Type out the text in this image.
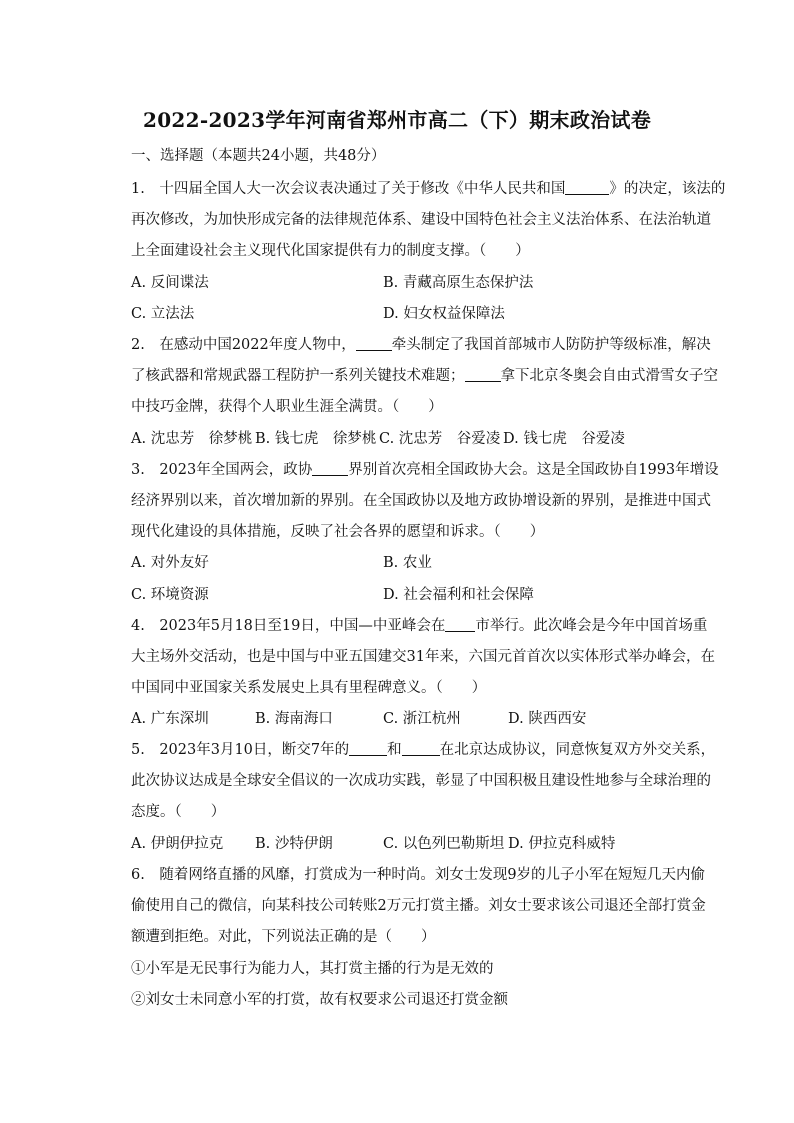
2022-2023学年河南省郑州市高二（下）期末政治试卷
一、选择题（本题共24小题，共48分）
1.　十四届全国人大一次会议表决通过了关于修改《中华人民共和国	》的决定，该法的
再次修改，为加快形成完备的法律规范体系、建设中国特色社会主义法治体系、在法治轨道
上全面建设社会主义现代化国家提供有力的制度支撑。（　　）
A. 反间谍法	B. 青藏高原生态保护法
C. 立法法	D. 妇女权益保障法
2.　在感动中国2022年度人物中， 牵头制定了我国首部城市人防防护等级标准，解决
了核武器和常规武器工程防护一系列关键技术难题； 拿下北京冬奥会自由式滑雪女子空
中技巧金牌，获得个人职业生涯全满贯。（　　）
A. 沈忠芳　徐梦桃 B. 钱七虎　徐梦桃 C. 沈忠芳　谷爱凌 D. 钱七虎　谷爱凌
3.　2023年全国两会，政协 界别首次亮相全国政协大会。这是全国政协自1993年增设
经济界别以来，首次增加新的界别。在全国政协以及地方政协增设新的界别，是推进中国式
现代化建设的具体措施，反映了社会各界的愿望和诉求。（　　）
A. 对外友好	B. 农业
C. 环境资源	D. 社会福利和社会保障
4.　2023年5月18日至19日，中国—中亚峰会在 市举行。此次峰会是今年中国首场重
大主场外交活动，也是中国与中亚五国建交31年来，六国元首首次以实体形式举办峰会，在
中国同中亚国家关系发展史上具有里程碑意义。（　　）
A. 广东深圳	B. 海南海口	C. 浙江杭州	D. 陕西西安
5.　2023年3月10日，断交7年的	和	在北京达成协议，同意恢复双方外交关系，
此次协议达成是全球安全倡议的一次成功实践，彰显了中国积极且建设性地参与全球治理的
态度。（　　）
A. 伊朗伊拉克 B. 沙特伊朗	C. 以色列巴勒斯坦 D. 伊拉克科威特
6.　随着网络直播的风靡，打赏成为一种时尚。刘女士发现9岁的儿子小军在短短几天内偷
偷使用自己的微信，向某科技公司转账2万元打赏主播。刘女士要求该公司退还全部打赏金
额遭到拒绝。对此，下列说法正确的是（　　）
①小军是无民事行为能力人，其打赏主播的行为是无效的
②刘女士未同意小军的打赏，故有权要求公司退还打赏金额
